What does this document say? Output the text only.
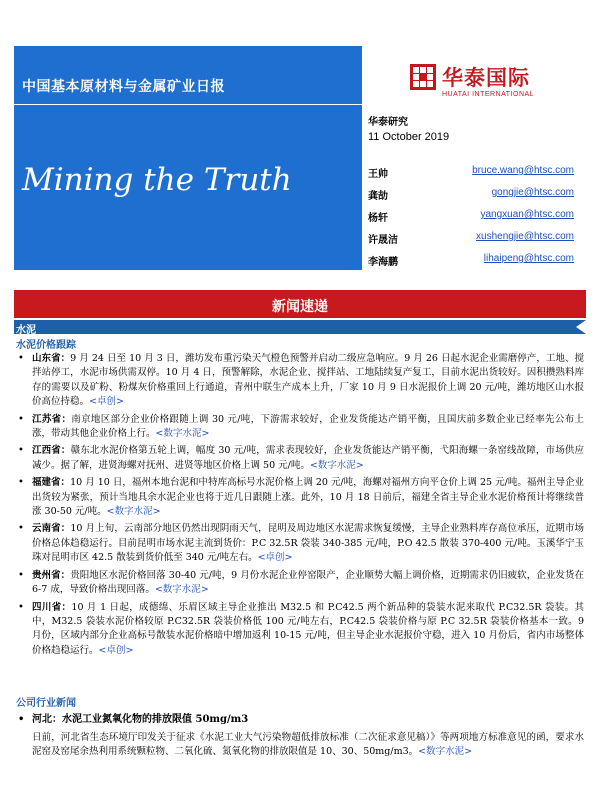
中国基本原材料与金属矿业日报
Mining the Truth
华泰国际
HUATAI INTERNATIONAL
华泰研究
11 October 2019
王帅	bruce.wang@htsc.com
龚劼	gongjie@htsc.com
杨轩	yangxuan@htsc.com
许晟洁	xushengjie@htsc.com
李海鹏	lihaipeng@htsc.com
新闻速递
水泥
水泥价格跟踪
• 山东省：9 月 24 日至 10 月 3 日，潍坊发布重污染天气橙色预警并启动二级应急响应。9 月 26 日起水泥企业需磨停产，工地、搅拌站停工，水泥市场供需双停。10 月 4 日，预警解除，水泥企业、搅拌站、工地陆续复产复工，目前水泥出货较好。因积攒熟料库存的需要以及矿粉、粉煤灰价格重回上行通道，青州中联生产成本上升，厂家 10 月 9 日水泥报价上调 20 元/吨，潍坊地区山水报价高位持稳。<卓创>
• 江苏省：南京地区部分企业价格跟随上调 30 元/吨，下游需求较好，企业发货能达产销平衡，且国庆前多数企业已经率先公布上涨，带动其他企业价格上行。<数字水泥>
• 江西省：赣东北水泥价格第五轮上调，幅度 30 元/吨，需求表现较好，企业发货能达产销平衡，弋阳海螺一条窑线故障，市场供应减少。据了解，进贤海螺对抚州、进贤等地区价格上调 50 元/吨。<数字水泥>
• 福建省：10 月 10 日，福州本地台泥和中特库高标号水泥价格上调 20 元/吨，海螺对福州方向平仓价上调 25 元/吨。福州主导企业出货较为紧张，预计当地具余水泥企业也将于近几日跟随上涨。此外，10 月 18 日前后，福建全省主导企业水泥价格预计将继续普涨 30-50 元/吨。<数字水泥>
• 云南省：10 月上旬，云南部分地区仍然出现阴雨天气，昆明及周边地区水泥需求恢复缓慢，主导企业熟料库存高位承压，近期市场价格总体趋稳运行。目前昆明市场水泥主流到货价：P.C 32.5R 袋装 340-385 元/吨，P.O 42.5 散装 370-400 元/吨。玉溪华宁玉珠对昆明市区 42.5 散装到货价低至 340 元/吨左右。<卓创>
• 贵州省：贵阳地区水泥价格回落 30-40 元/吨，9 月份水泥企业停窑限产，企业顺势大幅上调价格，近期需求仍旧疲软，企业发货在 6-7 成，导致价格出现回落。<数字水泥>
• 四川省：10 月 1 日起，成德绵、乐眉区域主导企业推出 M32.5 和 P.C42.5 两个新品种的袋装水泥来取代 P.C32.5R 袋装。其中，M32.5 袋装水泥价格较原 P.C32.5R 袋装价格低 100 元/吨左右，P.C42.5 袋装价格与原 P.C 32.5R 袋装价格基本一致。9 月份，区域内部分企业高标号散装水泥价格暗中增加返利 10-15 元/吨，但主导企业水泥报价守稳，进入 10 月份后，省内市场整体价格趋稳运行。<卓创>
公司行业新闻
• 河北：水泥工业氮氧化物的排放限值 50mg/m3
日前，河北省生态环境厅印发关于征求《水泥工业大气污染物超低排放标准（二次征求意见稿）》等两项地方标准意见的函，要求水泥窑及窑尾余热利用系统颗粒物、二氧化硫、氮氧化物的排放限值是 10、30、50mg/m3。<数字水泥>
